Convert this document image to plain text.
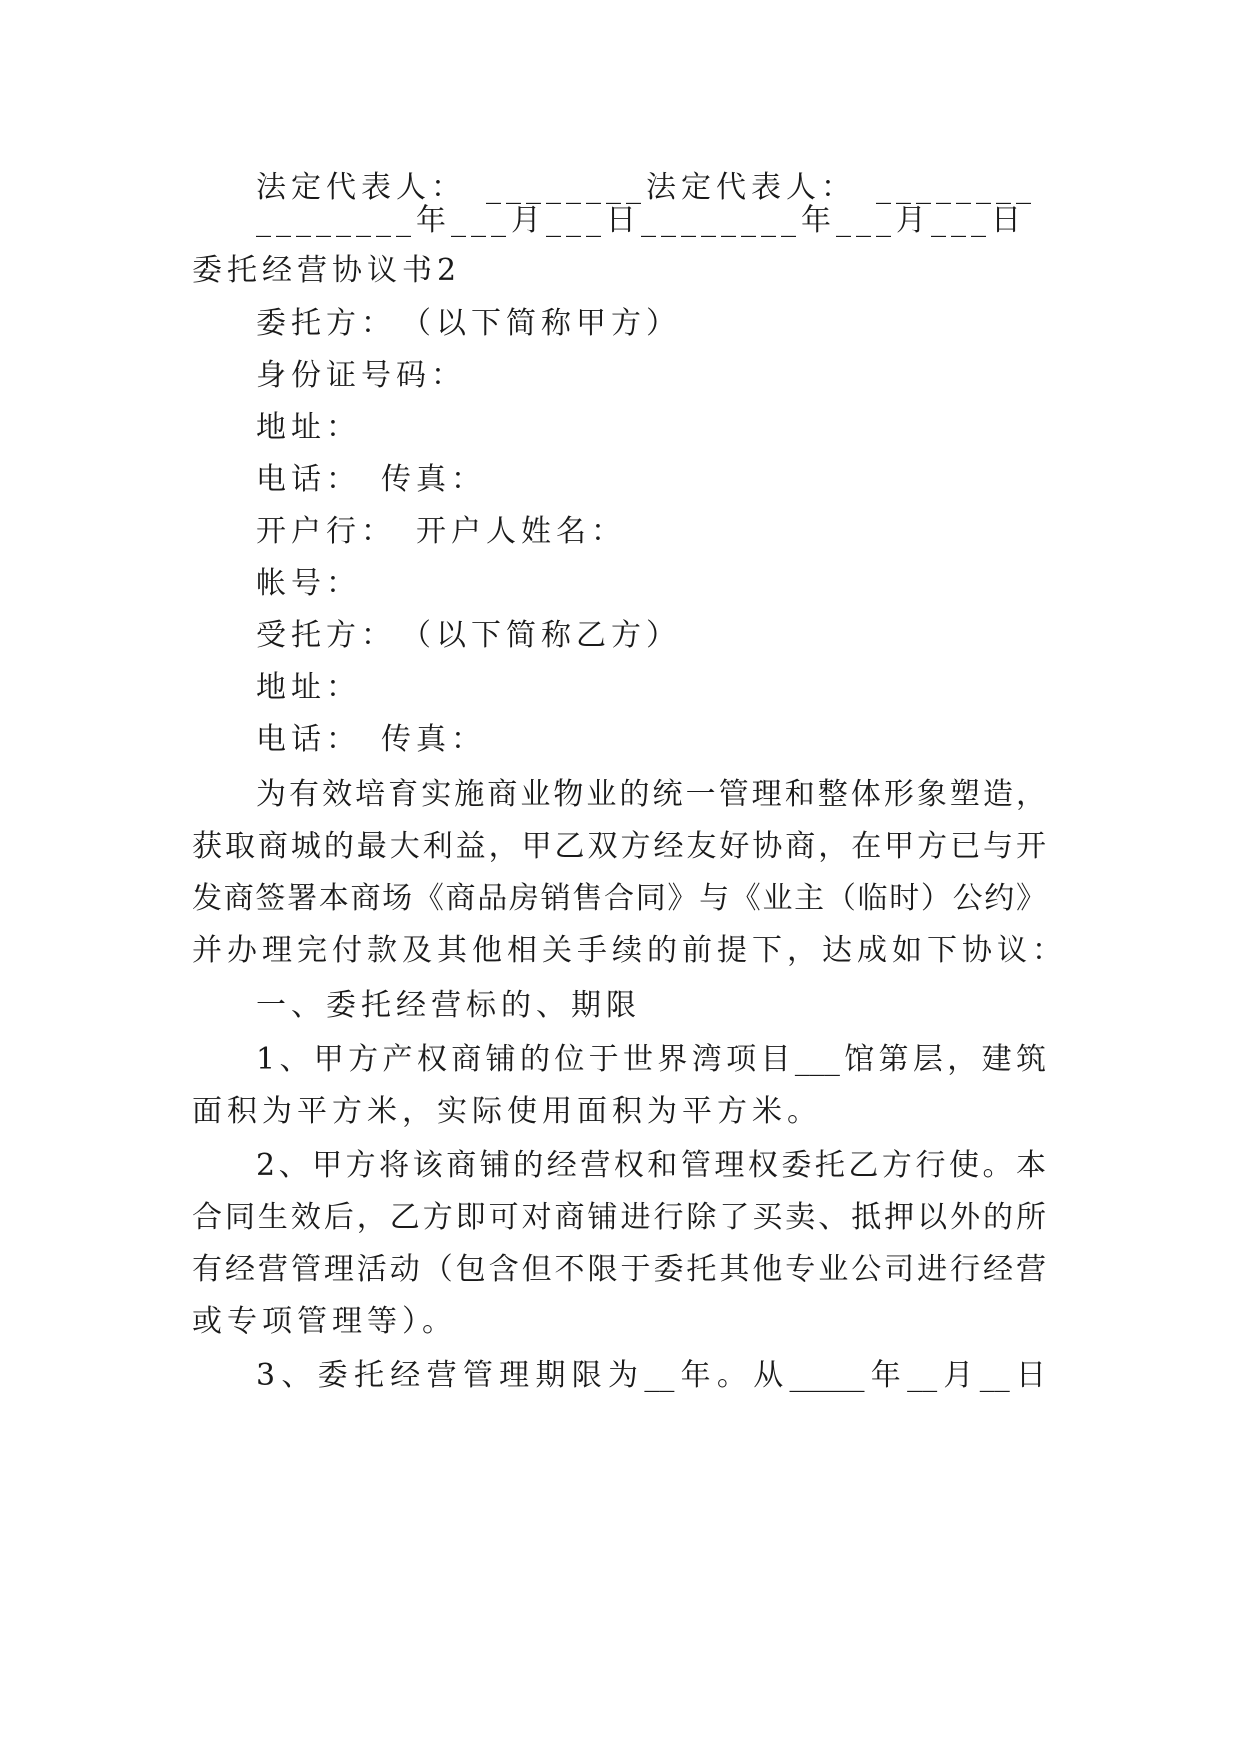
法定代表人：　________法定代表人：　________
________年___月___日________年___月___日
委托经营协议书2
委托方：　（以下简称甲方）
身份证号码：
地址：
电话：　传真：
开户行：　开户人姓名：
帐号：
受托方：　（以下简称乙方）
地址：
电话：　传真：
为有效培育实施商业物业的统一管理和整体形象塑造，
获取商城的最大利益，甲乙双方经友好协商，在甲方已与开
发商签署本商场《商品房销售合同》与《业主（临时）公约》
并办理完付款及其他相关手续的前提下，达成如下协议：
一、委托经营标的、期限
1、甲方产权商铺的位于世界湾项目___馆第层，建筑
面积为平方米，实际使用面积为平方米。
2、甲方将该商铺的经营权和管理权委托乙方行使。本
合同生效后，乙方即可对商铺进行除了买卖、抵押以外的所
有经营管理活动（包含但不限于委托其他专业公司进行经营
或专项管理等）。
3、委托经营管理期限为__年。从_____年__月__日
